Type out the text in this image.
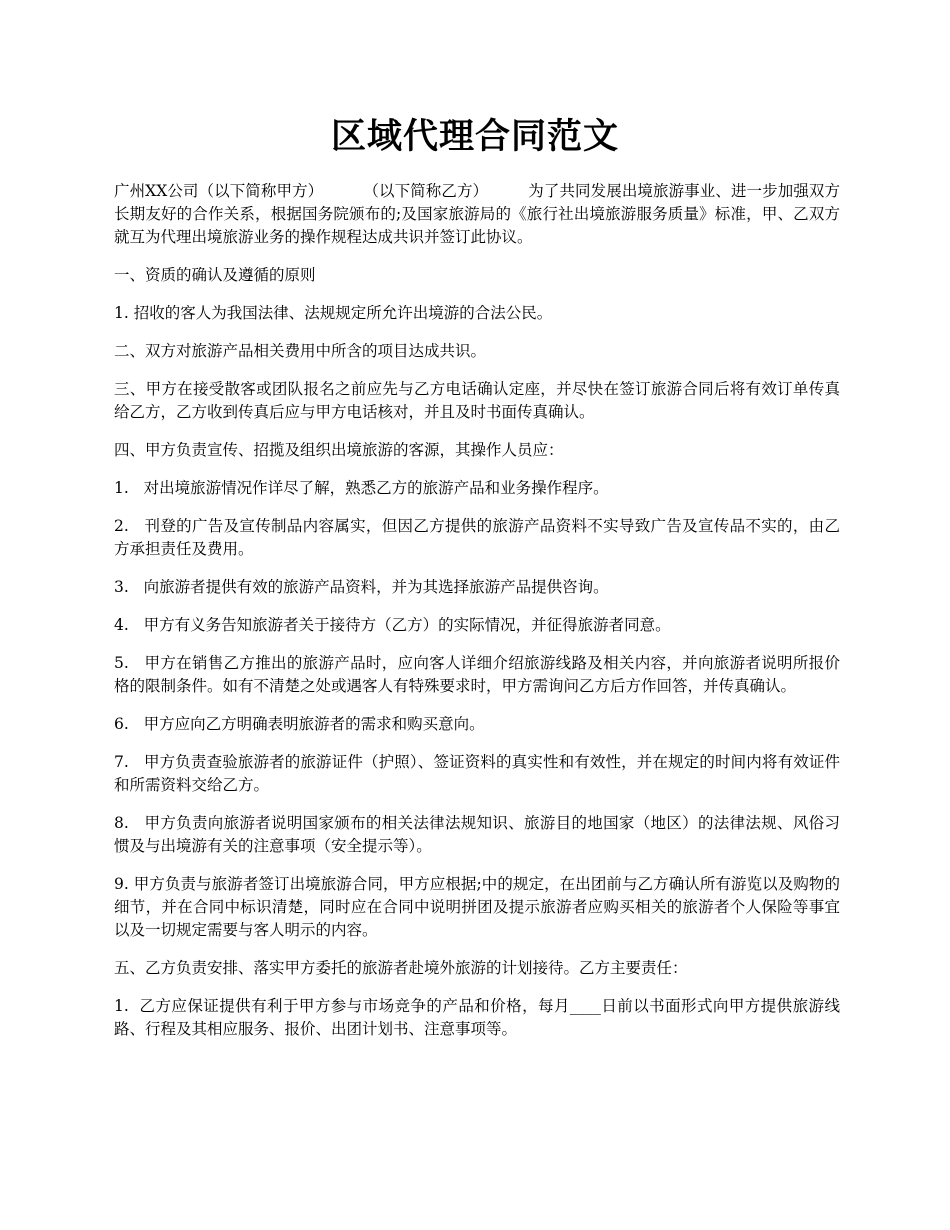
区域代理合同范文

广州XX公司（以下简称甲方）        （以下简称乙方）        为了共同发展出境旅游事业、进一步加强双方长期友好的合作关系，根据国务院颁布的;及国家旅游局的《旅行社出境旅游服务质量》标准，甲、乙双方就互为代理出境旅游业务的操作规程达成共识并签订此协议。

一、资质的确认及遵循的原则

1. 招收的客人为我国法律、法规规定所允许出境游的合法公民。

二、双方对旅游产品相关费用中所含的项目达成共识。

三、甲方在接受散客或团队报名之前应先与乙方电话确认定座，并尽快在签订旅游合同后将有效订单传真给乙方，乙方收到传真后应与甲方电话核对，并且及时书面传真确认。

四、甲方负责宣传、招揽及组织出境旅游的客源，其操作人员应：

1.   对出境旅游情况作详尽了解，熟悉乙方的旅游产品和业务操作程序。

2.   刊登的广告及宣传制品内容属实，但因乙方提供的旅游产品资料不实导致广告及宣传品不实的，由乙方承担责任及费用。

3.   向旅游者提供有效的旅游产品资料，并为其选择旅游产品提供咨询。

4.   甲方有义务告知旅游者关于接待方（乙方）的实际情况，并征得旅游者同意。

5.   甲方在销售乙方推出的旅游产品时，应向客人详细介绍旅游线路及相关内容，并向旅游者说明所报价格的限制条件。如有不清楚之处或遇客人有特殊要求时，甲方需询问乙方后方作回答，并传真确认。

6.   甲方应向乙方明确表明旅游者的需求和购买意向。

7.   甲方负责查验旅游者的旅游证件（护照）、签证资料的真实性和有效性，并在规定的时间内将有效证件和所需资料交给乙方。

8.   甲方负责向旅游者说明国家颁布的相关法律法规知识、旅游目的地国家（地区）的法律法规、风俗习惯及与出境游有关的注意事项（安全提示等）。

9. 甲方负责与旅游者签订出境旅游合同，甲方应根据;中的规定，在出团前与乙方确认所有游览以及购物的细节，并在合同中标识清楚，同时应在合同中说明拼团及提示旅游者应购买相关的旅游者个人保险等事宜以及一切规定需要与客人明示的内容。

五、乙方负责安排、落实甲方委托的旅游者赴境外旅游的计划接待。乙方主要责任：

1.  乙方应保证提供有利于甲方参与市场竞争的产品和价格，每月____日前以书面形式向甲方提供旅游线路、行程及其相应服务、报价、出团计划书、注意事项等。
